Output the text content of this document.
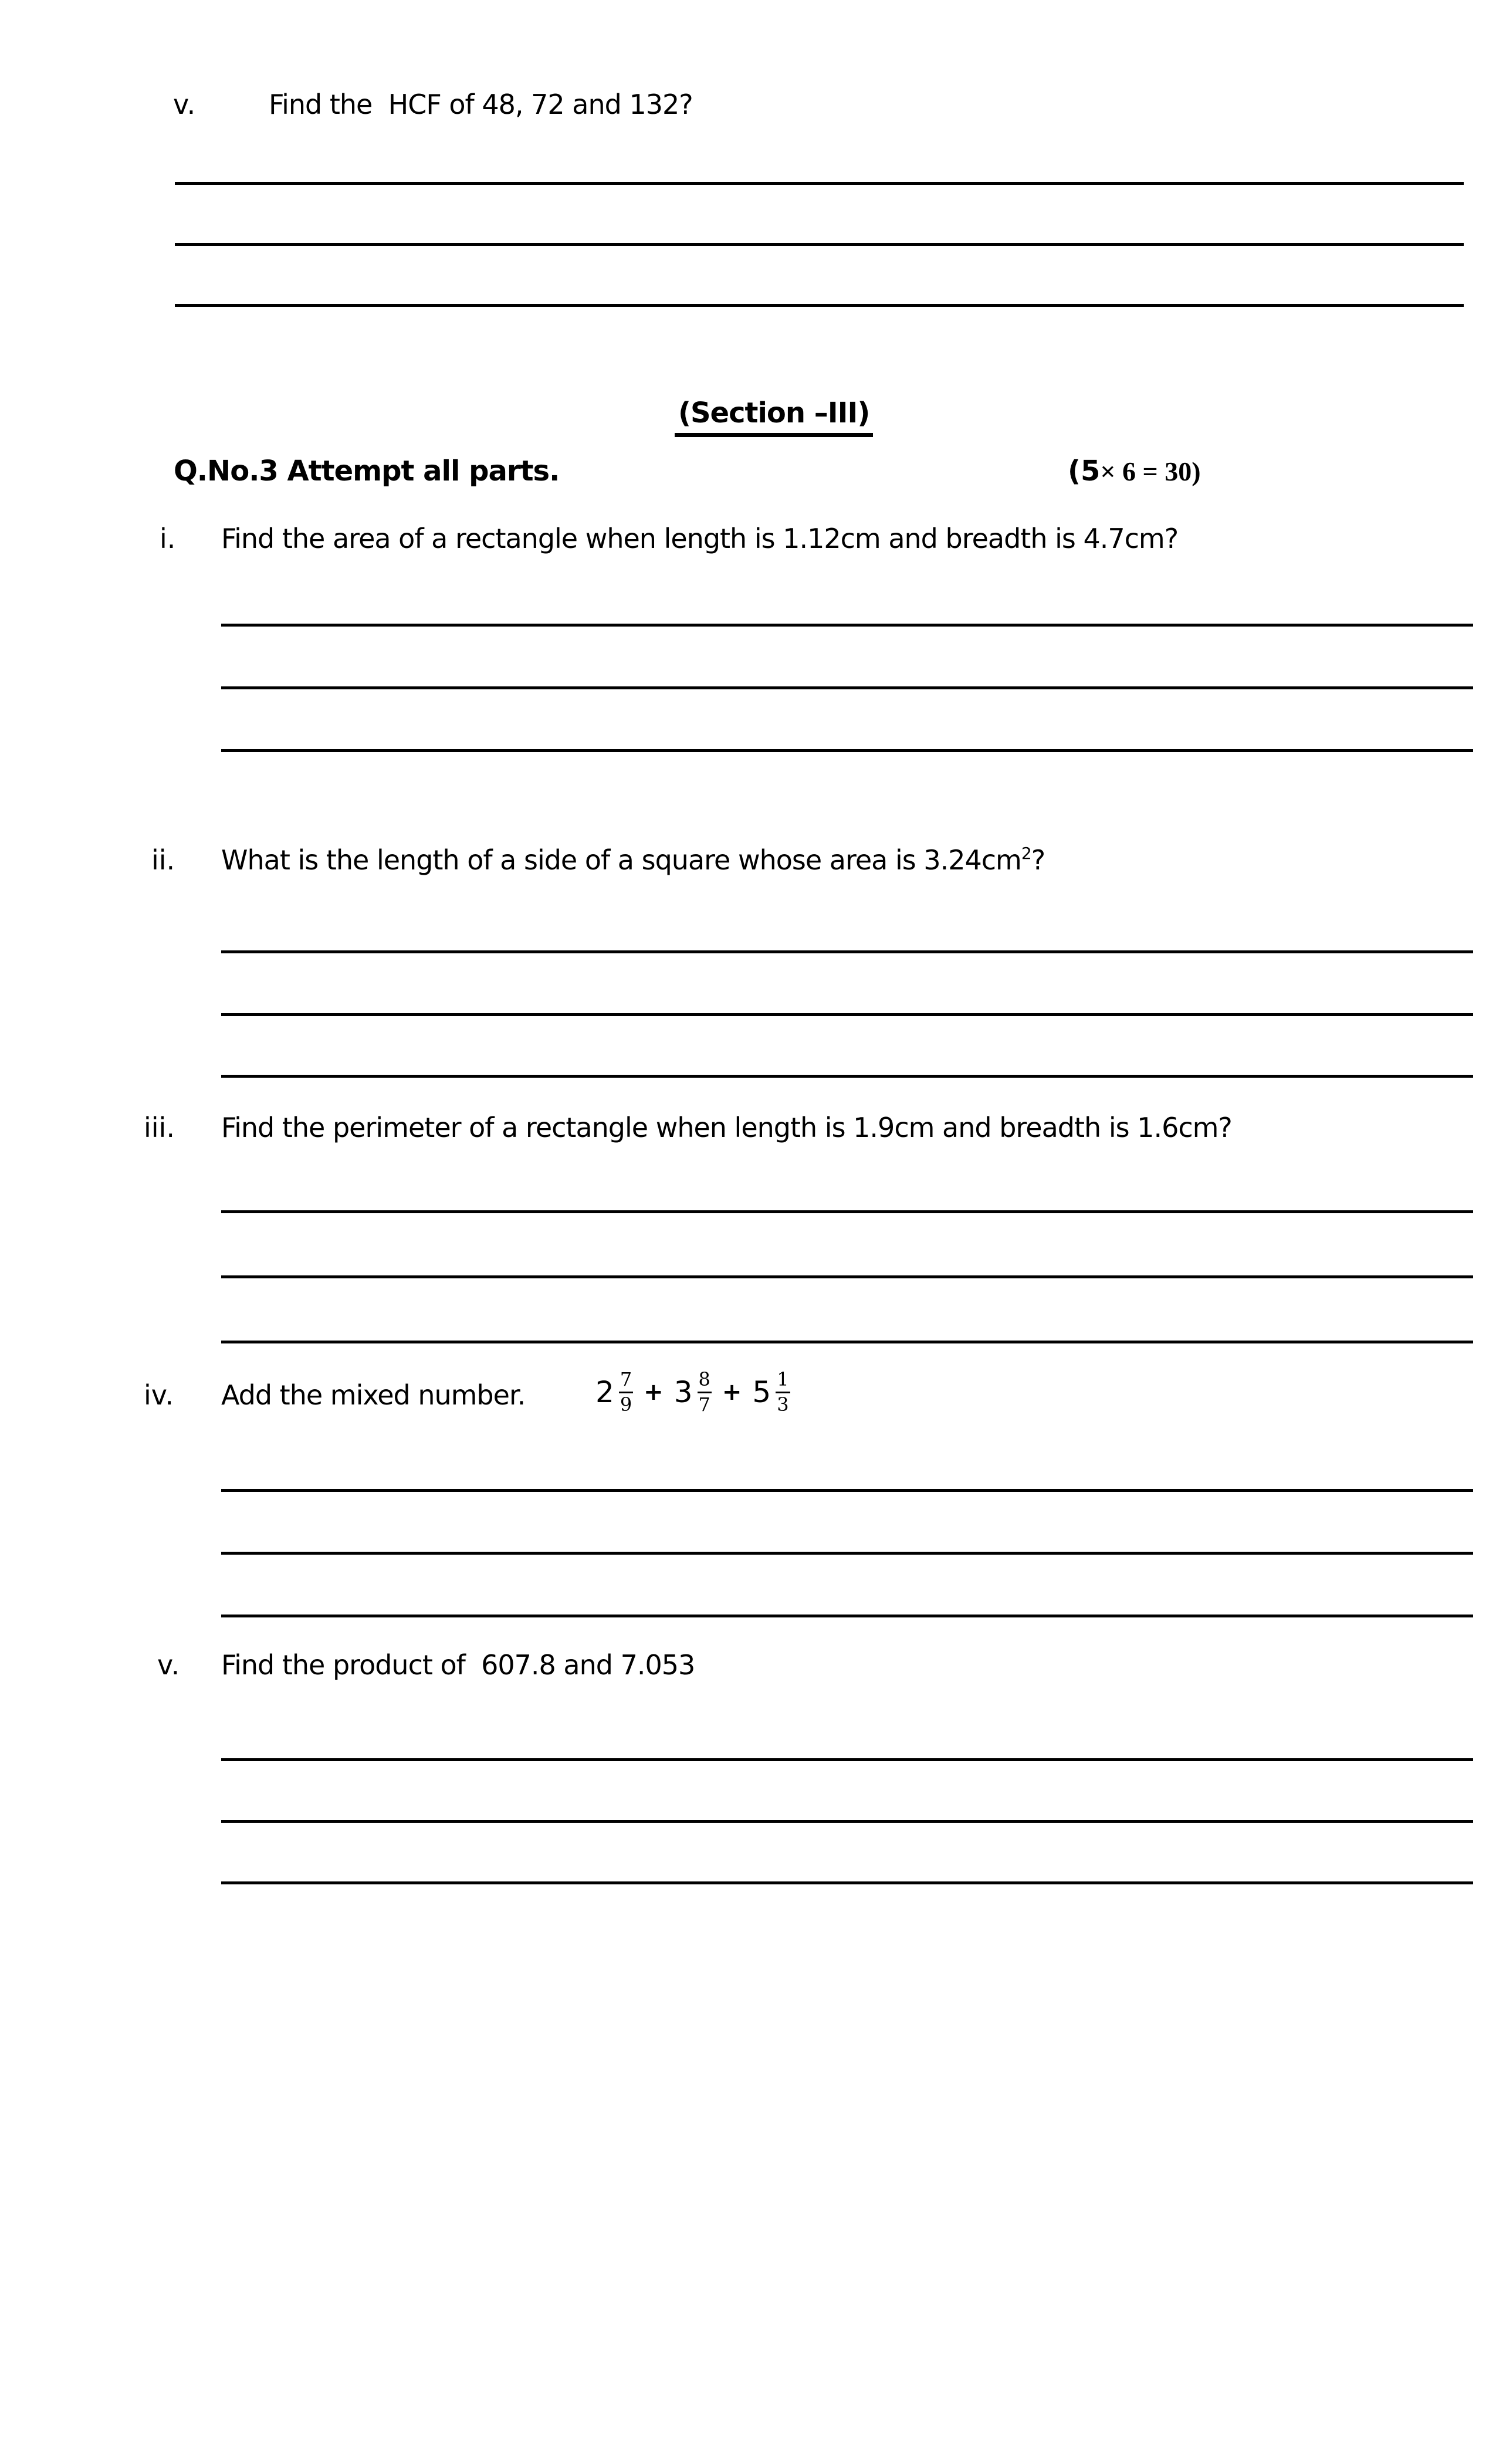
v.	Find the  HCF of 48, 72 and 132?
(Section –III)
Q.No.3 Attempt all parts.	(5× 6 = 30)
i. Find the area of a rectangle when length is 1.12cm and breadth is 4.7cm?
ii. What is the length of a side of a square whose area is $3.24cm^2$?
iii. Find the perimeter of a rectangle when length is 1.9cm and breadth is 1.6cm?
iv. Add the mixed number. $2 \frac{7}{9} + 3 \frac{8}{7} + 5 \frac{1}{3}$
v. Find the product of  607.8 and 7.053
